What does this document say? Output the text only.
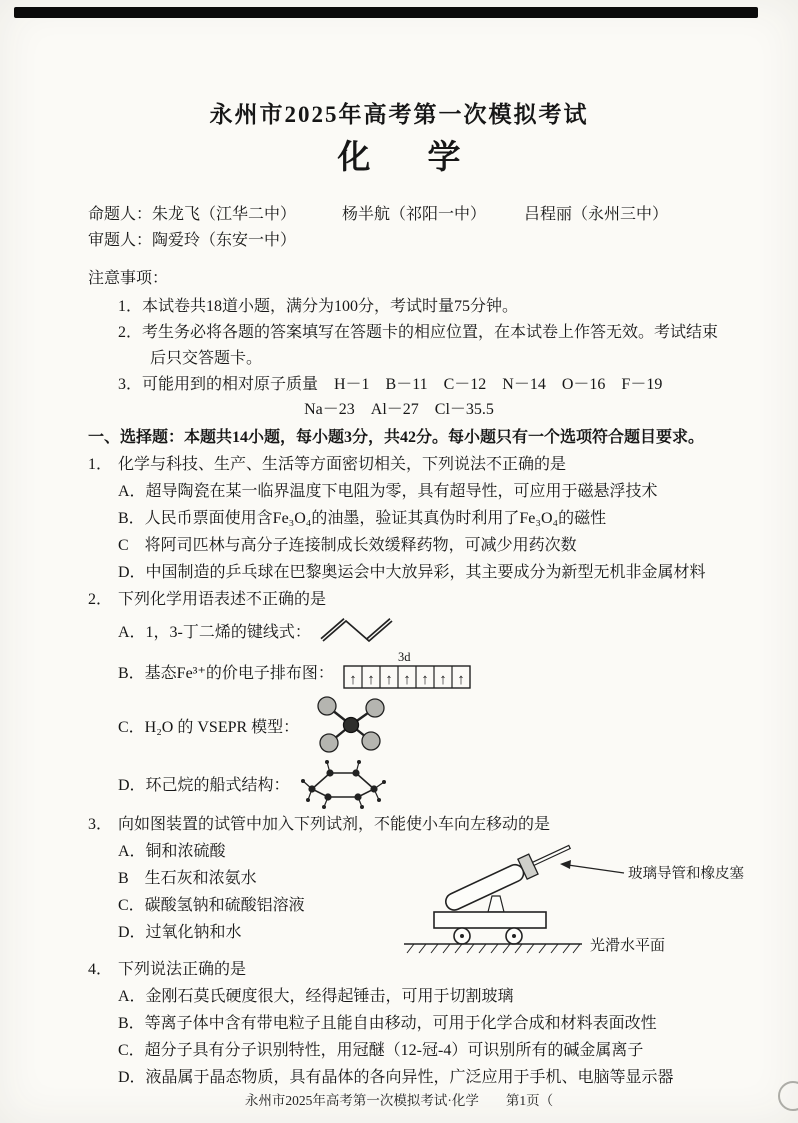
永州市2025年高考第一次模拟考试
化　学
命题人： 朱龙飞（江华二中）	杨半航（祁阳一中） 吕程丽（永州三中）
审题人： 陶爱玲（东安一中）
注意事项：
1．本试卷共18道小题，满分为100分，考试时量75分钟。
2．考生务必将各题的答案填写在答题卡的相应位置，在本试卷上作答无效。考试结束
后只交答题卡。
3．可能用到的相对原子质量　H－1　B－11　C－12　N－14　O－16　F－19
Na－23　Al－27　Cl－35.5
一、选择题：本题共14小题，每小题3分，共42分。每小题只有一个选项符合题目要求。
1． 化学与科技、生产、生活等方面密切相关，下列说法不正确的是
A．超导陶瓷在某一临界温度下电阻为零，具有超导性，可应用于磁悬浮技术
B．人民币票面使用含Fe₃O₄的油墨，验证其真伪时利用了Fe₃O₄的磁性
C　将阿司匹林与高分子连接制成长效缓释药物，可减少用药次数
D．中国制造的乒乓球在巴黎奥运会中大放异彩，其主要成分为新型无机非金属材料
2． 下列化学用语表述不正确的是
A．1，3-丁二烯的键线式：
B．基态Fe³⁺的价电子排布图：
3d
↑ ↑ ↑ ↑ ↑ ↑ ↑
C．H₂O 的 VSEPR 模型：
D．环己烷的船式结构：
3． 向如图装置的试管中加入下列试剂，不能使小车向左移动的是
A．铜和浓硫酸
B　生石灰和浓氨水
C．碳酸氢钠和硫酸铝溶液
D．过氧化钠和水
玻璃导管和橡皮塞
光滑水平面
4． 下列说法正确的是
A．金刚石莫氏硬度很大，经得起锤击，可用于切割玻璃
B．等离子体中含有带电粒子且能自由移动，可用于化学合成和材料表面改性
C．超分子具有分子识别特性，用冠醚（12-冠-4）可识别所有的碱金属离子
D．液晶属于晶态物质，具有晶体的各向异性，广泛应用于手机、电脑等显示器
永州市2025年高考第一次模拟考试·化学　　第1页（
